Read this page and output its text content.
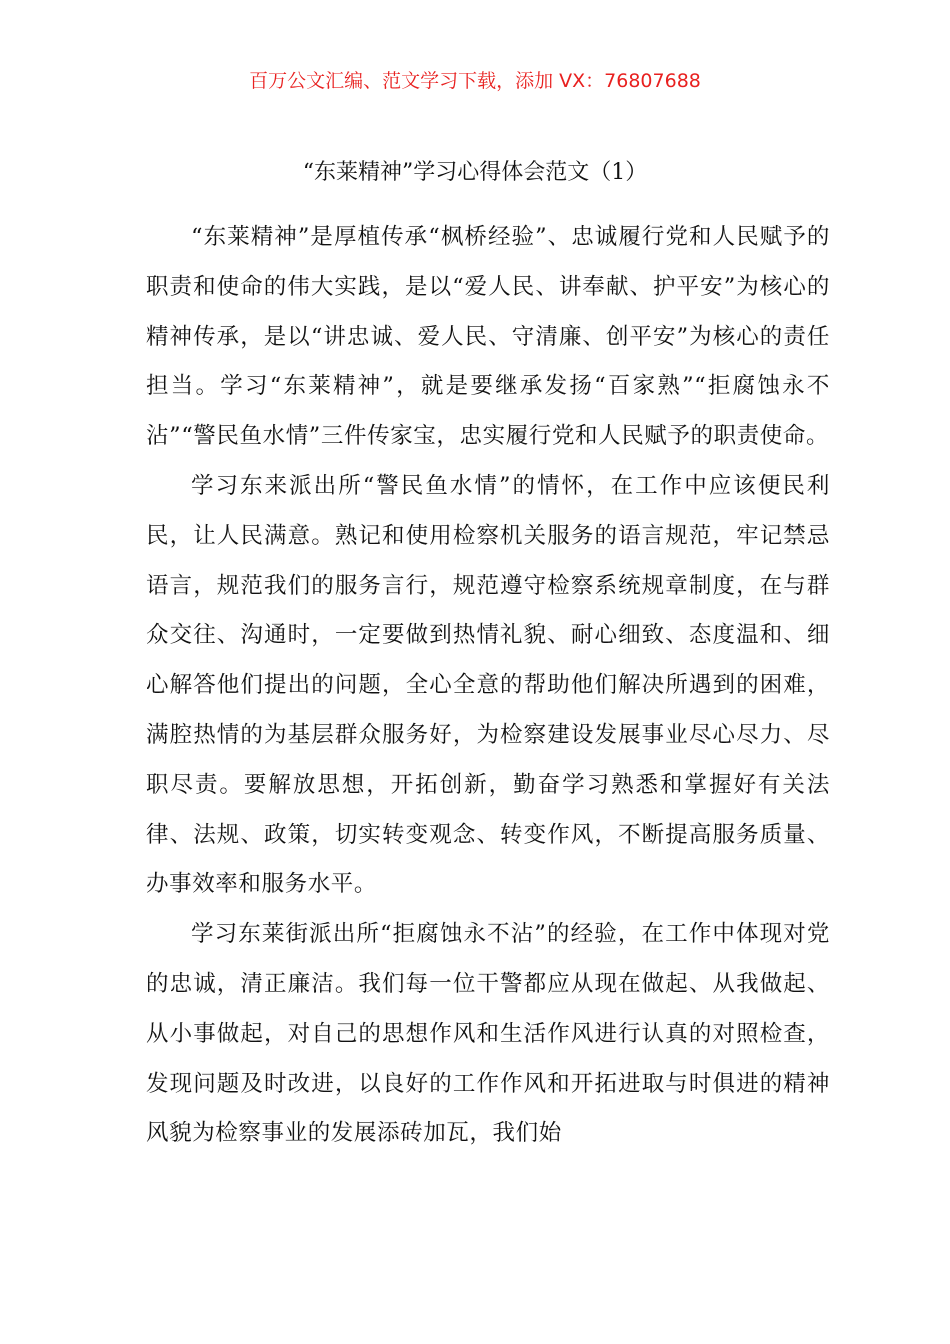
百万公文汇编、范文学习下载，添加 VX：76807688
“东莱精神”学习心得体会范文（1）

“东莱精神”是厚植传承“枫桥经验”、忠诚履行党和人民赋予的职责和使命的伟大实践，是以“爱人民、讲奉献、护平安”为核心的精神传承，是以“讲忠诚、爱人民、守清廉、创平安”为核心的责任担当。学习“东莱精神”，就是要继承发扬“百家熟”“拒腐蚀永不沾”“警民鱼水情”三件传家宝，忠实履行党和人民赋予的职责使命。

学习东来派出所“警民鱼水情”的情怀，在工作中应该便民利民，让人民满意。熟记和使用检察机关服务的语言规范，牢记禁忌语言，规范我们的服务言行，规范遵守检察系统规章制度，在与群众交往、沟通时，一定要做到热情礼貌、耐心细致、态度温和、细心解答他们提出的问题，全心全意的帮助他们解决所遇到的困难，满腔热情的为基层群众服务好，为检察建设发展事业尽心尽力、尽职尽责。要解放思想，开拓创新，勤奋学习熟悉和掌握好有关法律、法规、政策，切实转变观念、转变作风，不断提高服务质量、办事效率和服务水平。

学习东莱街派出所“拒腐蚀永不沾”的经验，在工作中体现对党的忠诚，清正廉洁。我们每一位干警都应从现在做起、从我做起、从小事做起，对自己的思想作风和生活作风进行认真的对照检查，发现问题及时改进，以良好的工作作风和开拓进取与时俱进的精神风貌为检察事业的发展添砖加瓦，我们始
